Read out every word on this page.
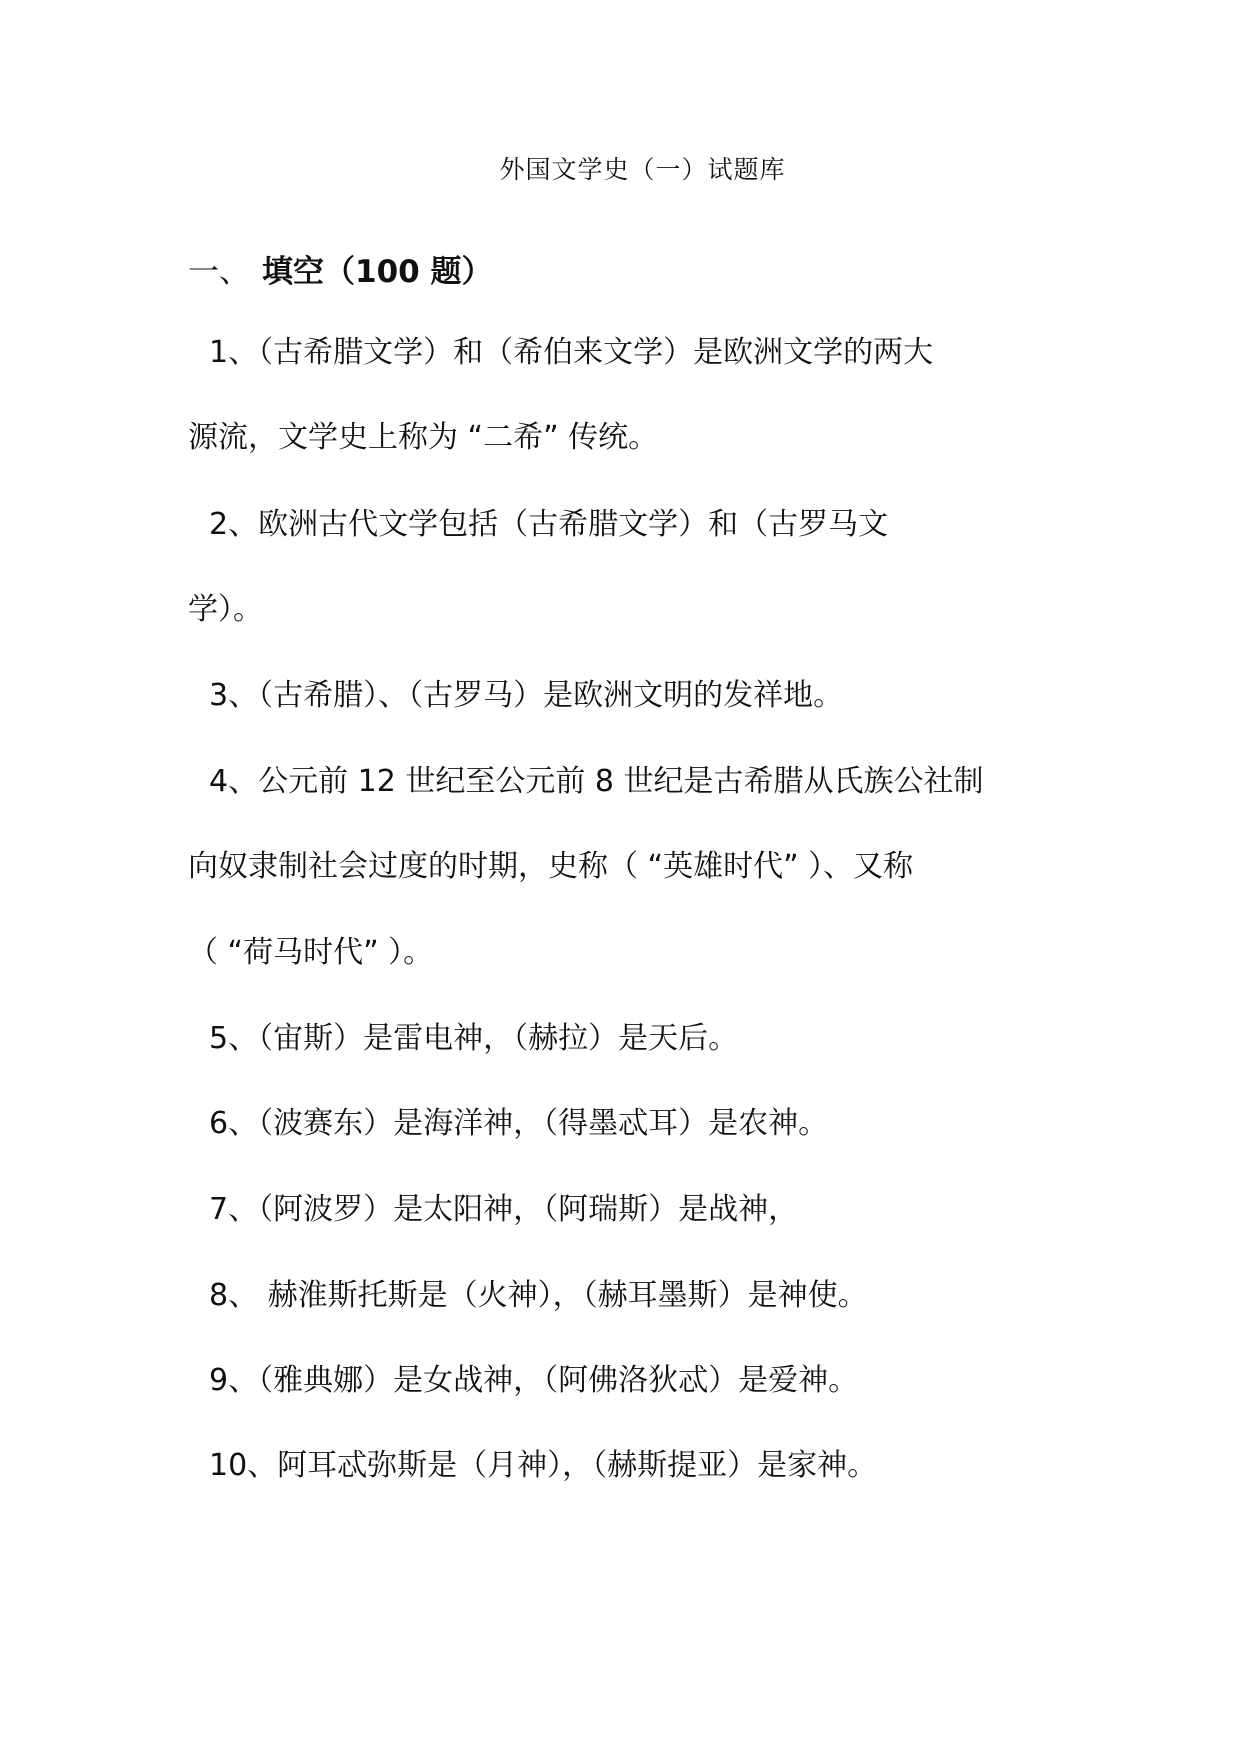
外国文学史（一）试题库
一、 填空（100 题）
1、（古希腊文学）和（希伯来文学）是欧洲文学的两大
源流，文学史上称为 “二希” 传统。
2、欧洲古代文学包括（古希腊文学）和（古罗马文
学）。
3、（古希腊）、（古罗马）是欧洲文明的发祥地。
4、公元前 12 世纪至公元前 8 世纪是古希腊从氏族公社制
向奴隶制社会过度的时期，史称（ “英雄时代” ）、又称
（ “荷马时代” ）。
5、（宙斯）是雷电神，（赫拉）是天后。
6、（波赛东）是海洋神，（得墨忒耳）是农神。
7、（阿波罗）是太阳神，（阿瑞斯）是战神，
8、 赫淮斯托斯是（火神），（赫耳墨斯）是神使。
9、（雅典娜）是女战神，（阿佛洛狄忒）是爱神。
10、阿耳忒弥斯是（月神），（赫斯提亚）是家神。
